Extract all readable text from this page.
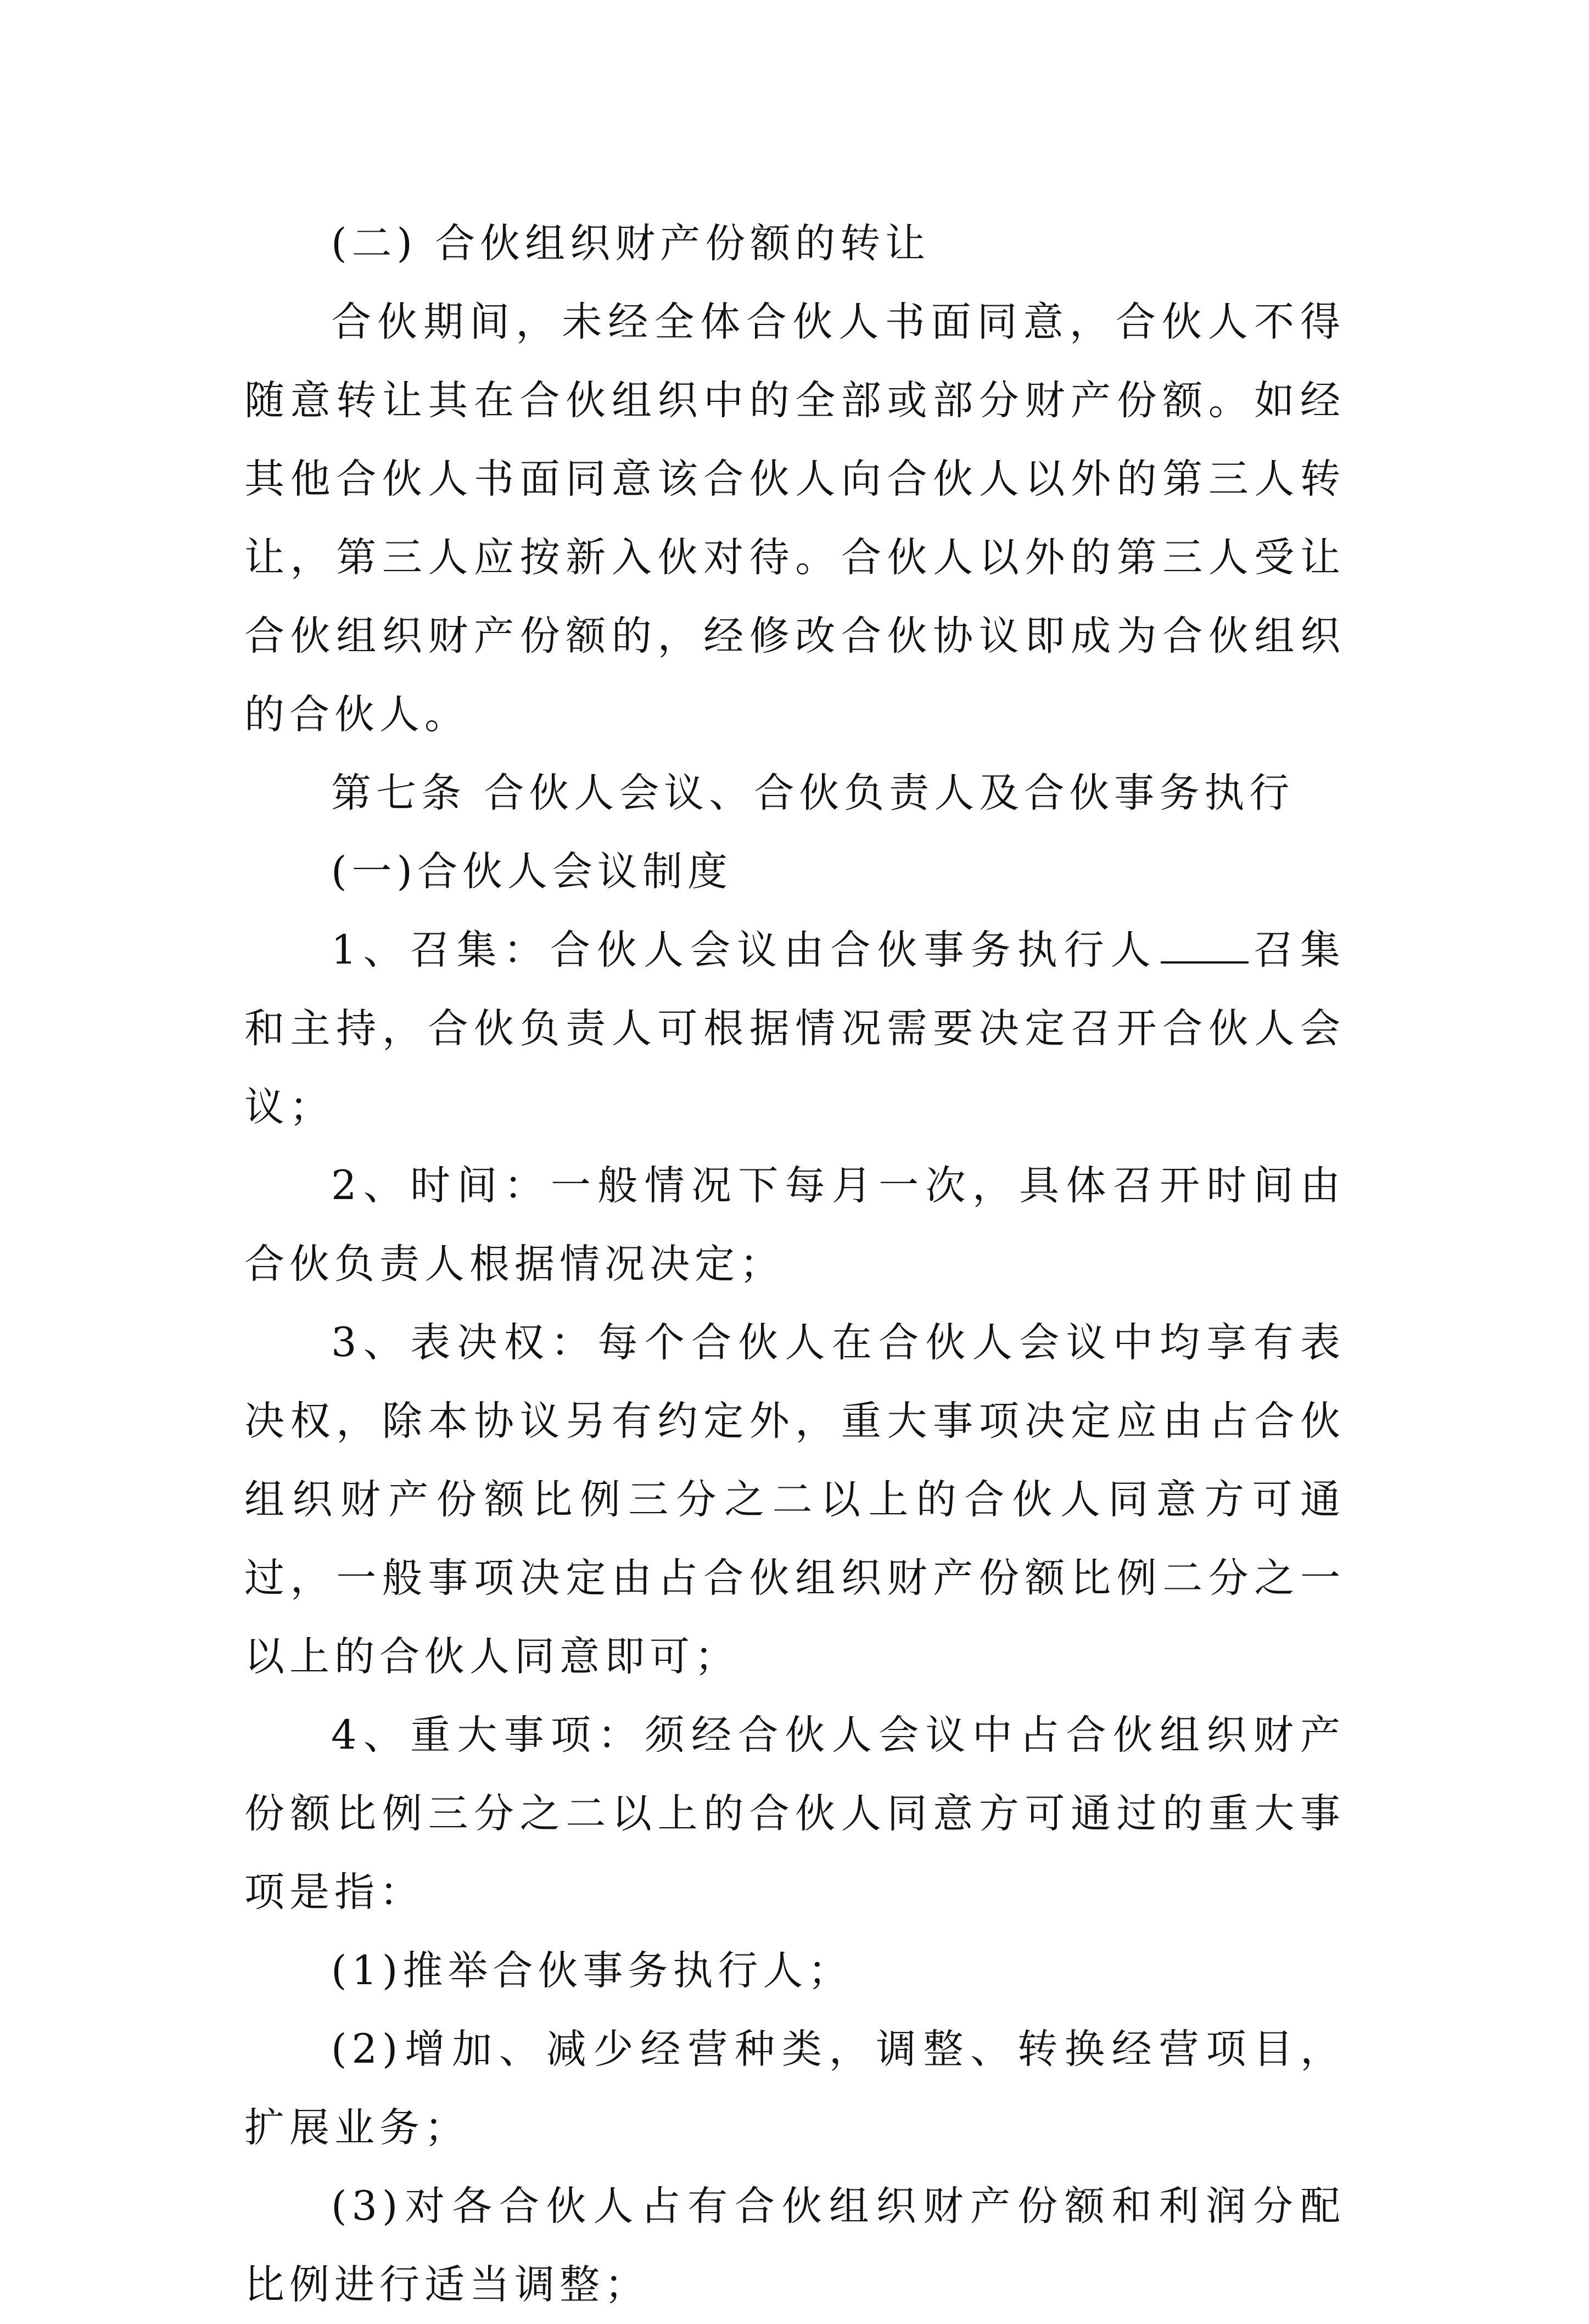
(二) 合伙组织财产份额的转让

合伙期间，未经全体合伙人书面同意，合伙人不得随意转让其在合伙组织中的全部或部分财产份额。如经其他合伙人书面同意该合伙人向合伙人以外的第三人转让，第三人应按新入伙对待。合伙人以外的第三人受让合伙组织财产份额的，经修改合伙协议即成为合伙组织的合伙人。

第七条 合伙人会议、合伙负责人及合伙事务执行

(一)合伙人会议制度

1、召集：合伙人会议由合伙事务执行人 召集和主持，合伙负责人可根据情况需要决定召开合伙人会议；

2、时间：一般情况下每月一次，具体召开时间由合伙负责人根据情况决定；

3、表决权：每个合伙人在合伙人会议中均享有表决权，除本协议另有约定外，重大事项决定应由占合伙组织财产份额比例三分之二以上的合伙人同意方可通过，一般事项决定由占合伙组织财产份额比例二分之一以上的合伙人同意即可；

4、重大事项：须经合伙人会议中占合伙组织财产份额比例三分之二以上的合伙人同意方可通过的重大事项是指：

(1)推举合伙事务执行人；

(2)增加、减少经营种类，调整、转换经营项目，扩展业务；

(3)对各合伙人占有合伙组织财产份额和利润分配比例进行适当调整；
